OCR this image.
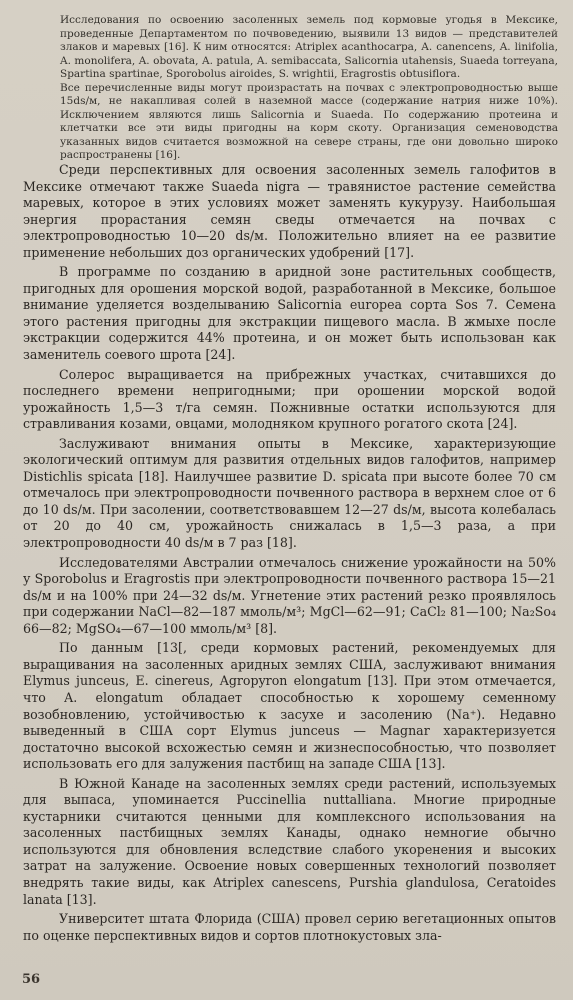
Исследования по освоению засоленных земель под кормовые угодья в Мексике, проведенные Департаментом по почвоведению, выявили 13 видов — представителей злаков и маревых [16]. К ним относятся: Atriplex acanthocarpa, A. canencens, A. linifolia, A. monolifera, A. obovata, A. patula, A. semibaccata, Salicornia utahensis, Suaeda torreyana, Spartina spartinae, Sporobolus airoides, S. wrightii, Eragrostis obtusiflora.

Все перечисленные виды могут произрастать на почвах с электропроводностью выше 15ds/м, не накапливая солей в наземной массе (содержание натрия ниже 10%). Исключением являются лишь Salicornia и Suaeda. По содержанию протеина и клетчатки все эти виды пригодны на корм скоту. Организация семеноводства указанных видов считается возможной на севере страны, где они довольно широко распространены [16].

Среди перспективных для освоения засоленных земель галофитов в Мексике отмечают также Suaeda nigra — травянистое растение семейства маревых, которое в этих условиях может заменять кукурузу. Наибольшая энергия прорастания семян сведы отмечается на почвах с электропроводностью 10—20 ds/м. Положительно влияет на ее развитие применение небольших доз органических удобрений [17].

В программе по созданию в аридной зоне растительных сообществ, пригодных для орошения морской водой, разработанной в Мексике, большое внимание уделяется возделыванию Salicornia europea сорта Sos 7. Семена этого растения пригодны для экстракции пищевого масла. В жмыхе после экстракции содержится 44% протеина, и он может быть использован как заменитель соевого шрота [24].

Солерос выращивается на прибрежных участках, считавшихся до последнего времени непригодными; при орошении морской водой урожайность 1,5—3 т/га семян. Пожнивные остатки используются для стравливания козами, овцами, молодняком крупного рогатого скота [24].

Заслуживают внимания опыты в Мексике, характеризующие экологический оптимум для развития отдельных видов галофитов, например Distichlis spicata [18]. Наилучшее развитие D. spicata при высоте более 70 см отмечалось при электропроводности почвенного раствора в верхнем слое от 6 до 10 ds/м. При засолении, соответствовавшем 12—27 ds/м, высота колебалась от 20 до 40 см, урожайность снижалась в 1,5—3 раза, а при электропроводности 40 ds/м в 7 раз [18].

Исследователями Австралии отмечалось снижение урожайности на 50% у Sporobolus и Eragrostis при электропроводности почвенного раствора 15—21 ds/м и на 100% при 24—32 ds/м. Угнетение этих растений резко проявлялось при содержании NaCl—82—187 ммоль/м³; MgCl—62—91; CaCl₂ 81—100; Na₂So₄ 66—82; MgSO₄—67—100 ммоль/м³ [8].

По данным [13[, среди кормовых растений, рекомендуемых для выращивания на засоленных аридных землях США, заслуживают внимания Elymus junceus, E. cinereus, Agropyron elongatum [13]. При этом отмечается, что A. elongatum обладает способностью к хорошему семенному возобновлению, устойчивостью к засухе и засолению (Na⁺). Недавно выведенный в США сорт Elymus junceus — Magnar характеризуется достаточно высокой всхожестью семян и жизнеспособностью, что позволяет использовать его для залужения пастбищ на западе США [13].

В Южной Канаде на засоленных землях среди растений, используемых для выпаса, упоминается Puccinellia nuttalliana. Многие природные кустарники считаются ценными для комплексного использования на засоленных пастбищных землях Канады, однако немногие обычно используются для обновления вследствие слабого укоренения и высоких затрат на залужение. Освоение новых совершенных технологий позволяет внедрять такие виды, как Atriplex canescens, Purshia glandulosa, Ceratoides lanata [13].

Университет штата Флорида (США) провел серию вегетационных опытов по оценке перспективных видов и сортов плотнокустовых зла-

56
